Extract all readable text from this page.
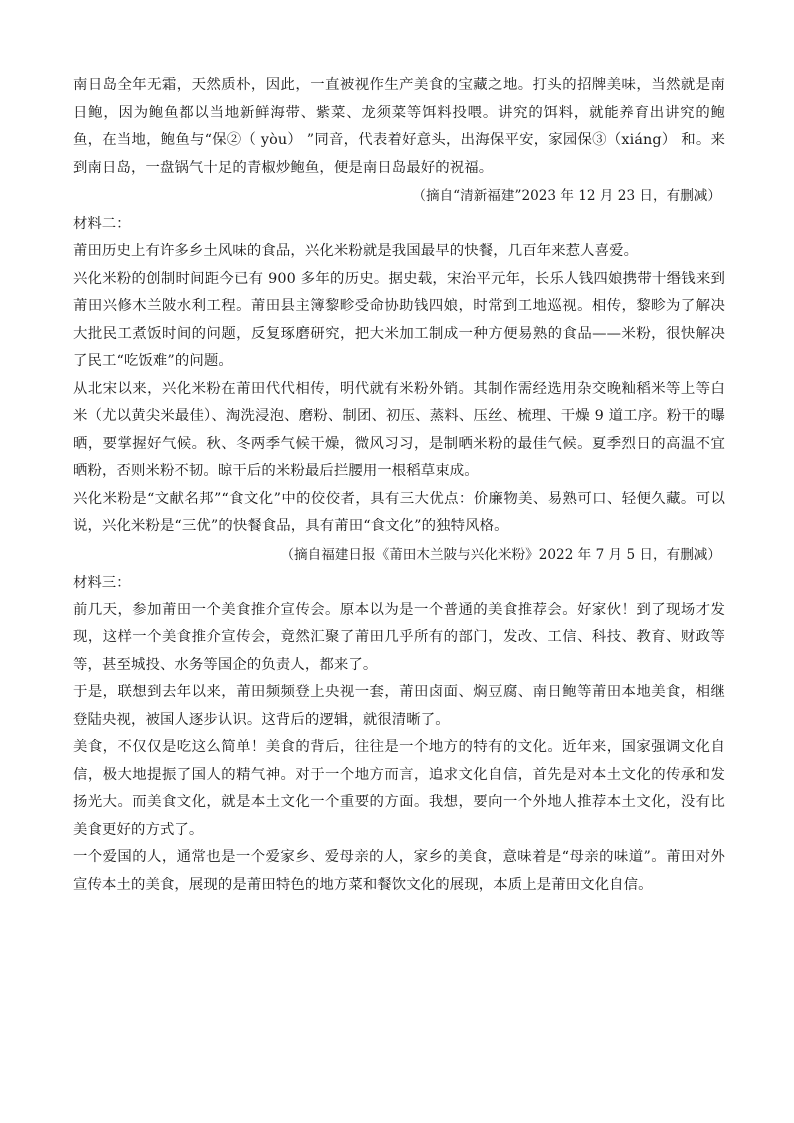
南日岛全年无霜，天然质朴，因此，一直被视作生产美食的宝藏之地。打头的招牌美味，当然就是南日鲍，因为鲍鱼都以当地新鲜海带、紫菜、龙须菜等饵料投喂。讲究的饵料，就能养育出讲究的鲍鱼，在当地，鲍鱼与“保②（ yòu） ”同音，代表着好意头，出海保平安，家园保③（xiáng） 和。来到南日岛，一盘锅气十足的青椒炒鲍鱼，便是南日岛最好的祝福。

（摘自“清新福建”2023 年 12 月 23 日，有删减）

材料二：

莆田历史上有许多乡土风味的食品，兴化米粉就是我国最早的快餐，几百年来惹人喜爱。

兴化米粉的创制时间距今已有 900 多年的历史。据史载，宋治平元年，长乐人钱四娘携带十缗钱来到莆田兴修木兰陂水利工程。莆田县主簿黎畛受命协助钱四娘，时常到工地巡视。相传，黎畛为了解决大批民工煮饭时间的问题，反复琢磨研究，把大米加工制成一种方便易熟的食品——米粉，很快解决了民工“吃饭难”的问题。

从北宋以来，兴化米粉在莆田代代相传，明代就有米粉外销。其制作需经选用杂交晚籼稻米等上等白米（尤以黄尖米最佳）、淘洗浸泡、磨粉、制团、初压、蒸料、压丝、梳理、干燥 9 道工序。粉干的曝晒，要掌握好气候。秋、冬两季气候干燥，微风习习，是制晒米粉的最佳气候。夏季烈日的高温不宜晒粉，否则米粉不韧。晾干后的米粉最后拦腰用一根稻草束成。

兴化米粉是“文献名邦”“食文化”中的佼佼者，具有三大优点：价廉物美、易熟可口、轻便久藏。可以说，兴化米粉是“三优”的快餐食品，具有莆田“食文化”的独特风格。

（摘自福建日报《莆田木兰陂与兴化米粉》2022 年 7 月 5 日，有删减）

材料三：

前几天，参加莆田一个美食推介宣传会。原本以为是一个普通的美食推荐会。好家伙！到了现场才发现，这样一个美食推介宣传会，竟然汇聚了莆田几乎所有的部门，发改、工信、科技、教育、财政等等，甚至城投、水务等国企的负责人，都来了。

于是，联想到去年以来，莆田频频登上央视一套，莆田卤面、焖豆腐、南日鲍等莆田本地美食，相继登陆央视，被国人逐步认识。这背后的逻辑，就很清晰了。

美食，不仅仅是吃这么简单！美食的背后，往往是一个地方的特有的文化。近年来，国家强调文化自信，极大地提振了国人的精气神。对于一个地方而言，追求文化自信，首先是对本土文化的传承和发扬光大。而美食文化，就是本土文化一个重要的方面。我想，要向一个外地人推荐本土文化，没有比美食更好的方式了。

一个爱国的人，通常也是一个爱家乡、爱母亲的人，家乡的美食，意味着是“母亲的味道”。莆田对外宣传本土的美食，展现的是莆田特色的地方菜和餐饮文化的展现，本质上是莆田文化自信。
